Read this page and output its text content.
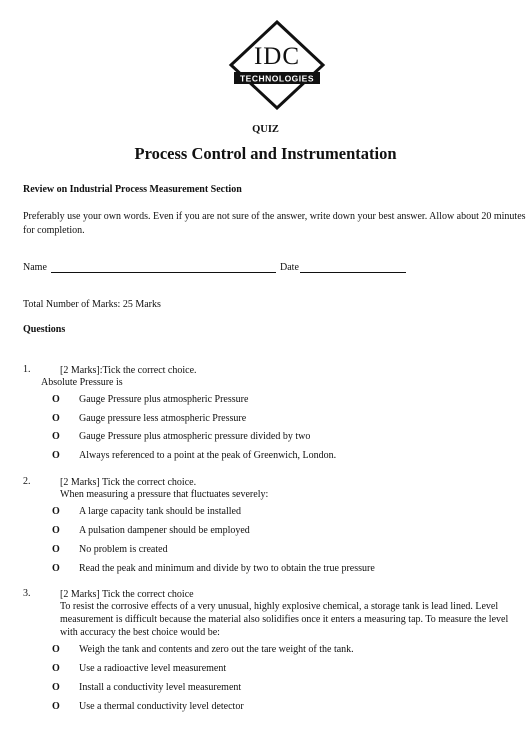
IDC
TECHNOLOGIES
QUIZ
Process Control and Instrumentation
Review on Industrial Process Measurement Section
Preferably use your own words. Even if you are not sure of the answer, write down your best answer. Allow about 20 minutes for completion.
Name	Date
Total Number of Marks: 25 Marks
Questions
1.	[2 Marks]:Tick the correct choice.
Absolute Pressure is
O Gauge Pressure plus atmospheric Pressure
O Gauge pressure less atmospheric Pressure
O Gauge Pressure plus atmospheric pressure divided by two
O Always referenced to a point at the peak of Greenwich, London.
2.	[2 Marks] Tick the correct choice.
When measuring a pressure that fluctuates severely:
O A large capacity tank should be installed
O A pulsation dampener should be employed
O No problem is created
O Read the peak and minimum and divide by two to obtain the true pressure
3.	[2 Marks] Tick the correct choice
To resist the corrosive effects of a very unusual, highly explosive chemical, a storage tank is lead lined. Level measurement is difficult because the material also solidifies once it enters a measuring tap. To measure the level with accuracy the best choice would be:
O Weigh the tank and contents and zero out the tare weight of the tank.
O Use a radioactive level measurement
O Install a conductivity level measurement
O Use a thermal conductivity level detector
